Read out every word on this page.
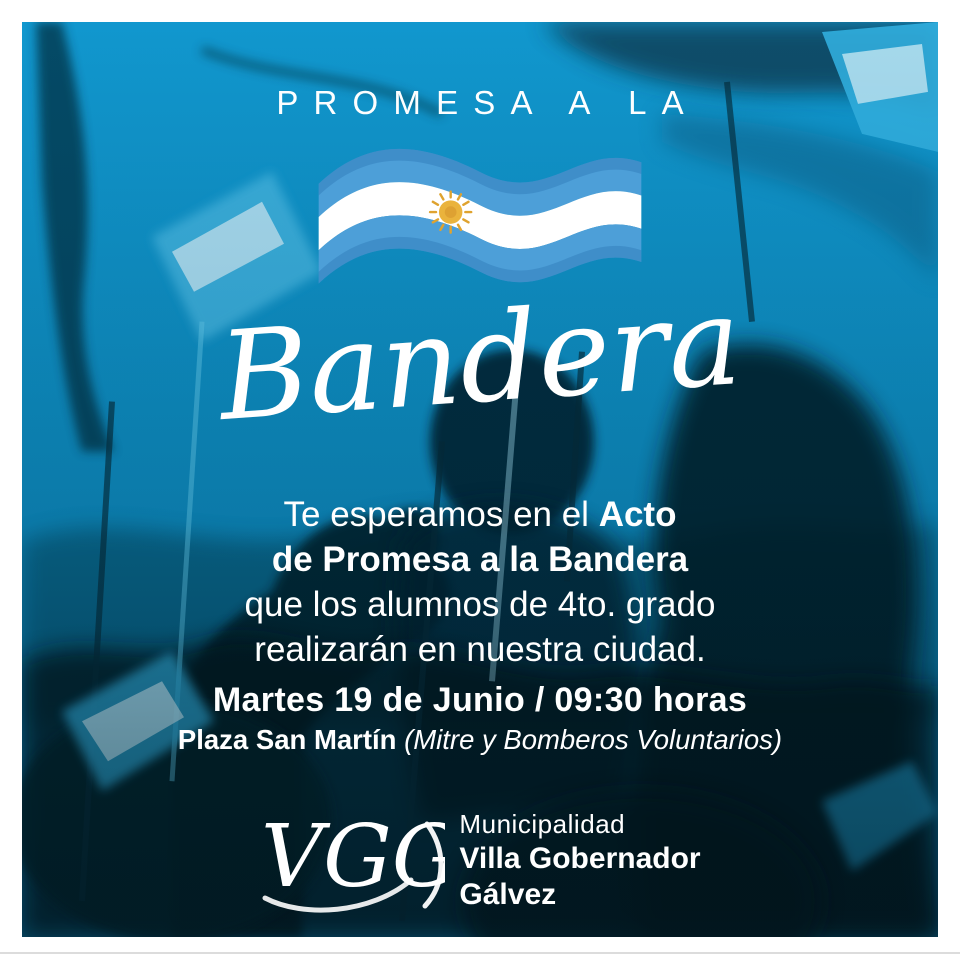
PROMESA A LA
Bandera
Te esperamos en el Acto
de Promesa a la Bandera
que los alumnos de 4to. grado
realizarán en nuestra ciudad.
Martes 19 de Junio / 09:30 horas
Plaza San Martín (Mitre y Bomberos Voluntarios)
VGG
Municipalidad
Villa Gobernador
Gálvez
